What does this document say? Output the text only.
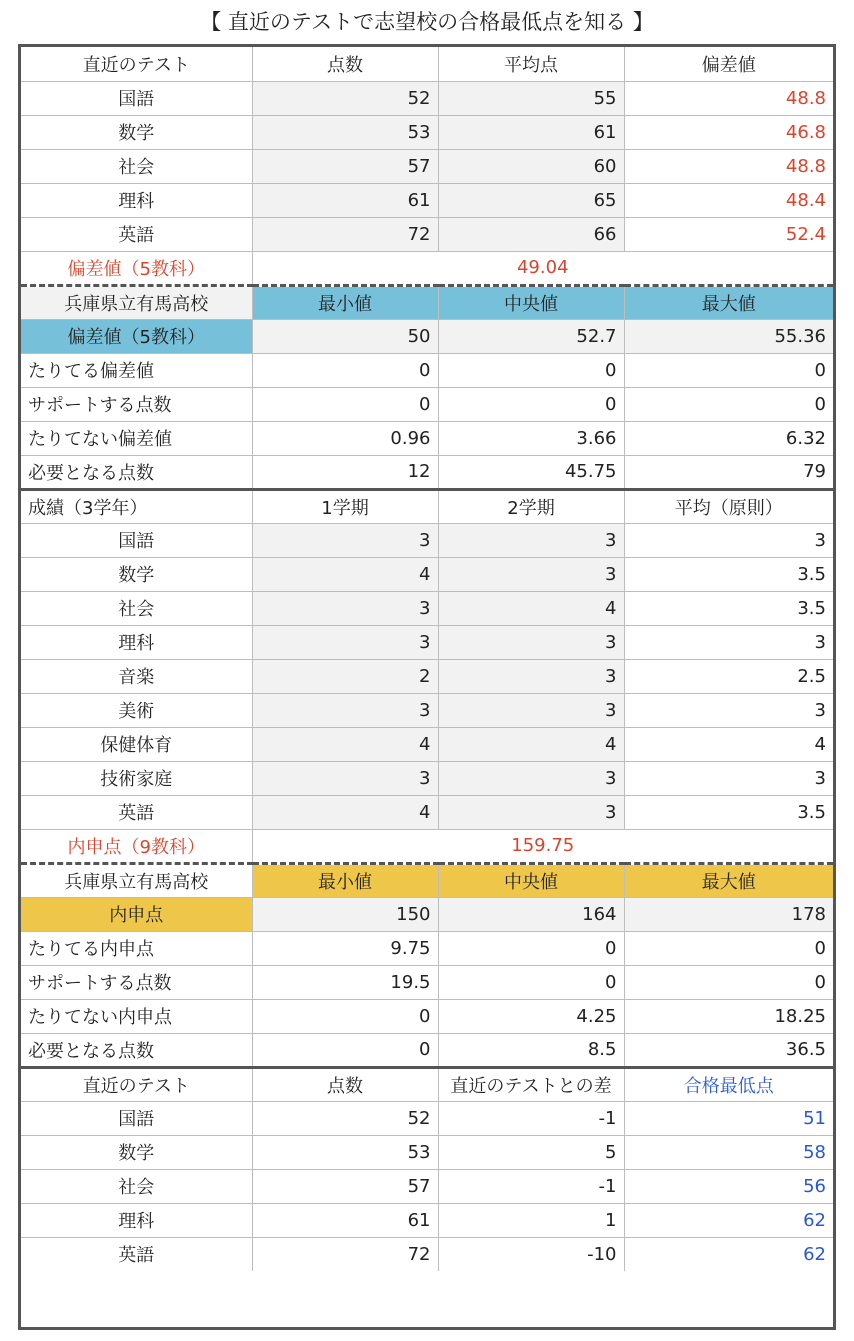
【 直近のテストで志望校の合格最低点を知る 】
直近のテスト	点数	平均点	偏差値
国語	52	55	48.8
数学	53	61	46.8
社会	57	60	48.8
理科	61	65	48.4
英語	72	66	52.4
偏差値（5教科）	49.04		
兵庫県立有馬高校	最小値	中央値	最大値
偏差値（5教科）	50	52.7	55.36
たりてる偏差値	0	0	0
サポートする点数	0	0	0
たりてない偏差値	0.96	3.66	6.32
必要となる点数	12	45.75	79
成績（3学年）	1学期	2学期	平均（原則）
国語	3	3	3
数学	4	3	3.5
社会	3	4	3.5
理科	3	3	3
音楽	2	3	2.5
美術	3	3	3
保健体育	4	4	4
技術家庭	3	3	3
英語	4	3	3.5
内申点（9教科）	159.75		
兵庫県立有馬高校	最小値	中央値	最大値
内申点	150	164	178
たりてる内申点	9.75	0	0
サポートする点数	19.5	0	0
たりてない内申点	0	4.25	18.25
必要となる点数	0	8.5	36.5
直近のテスト	点数	直近のテストとの差	合格最低点
国語	52	-1	51
数学	53	5	58
社会	57	-1	56
理科	61	1	62
英語	72	-10	62
